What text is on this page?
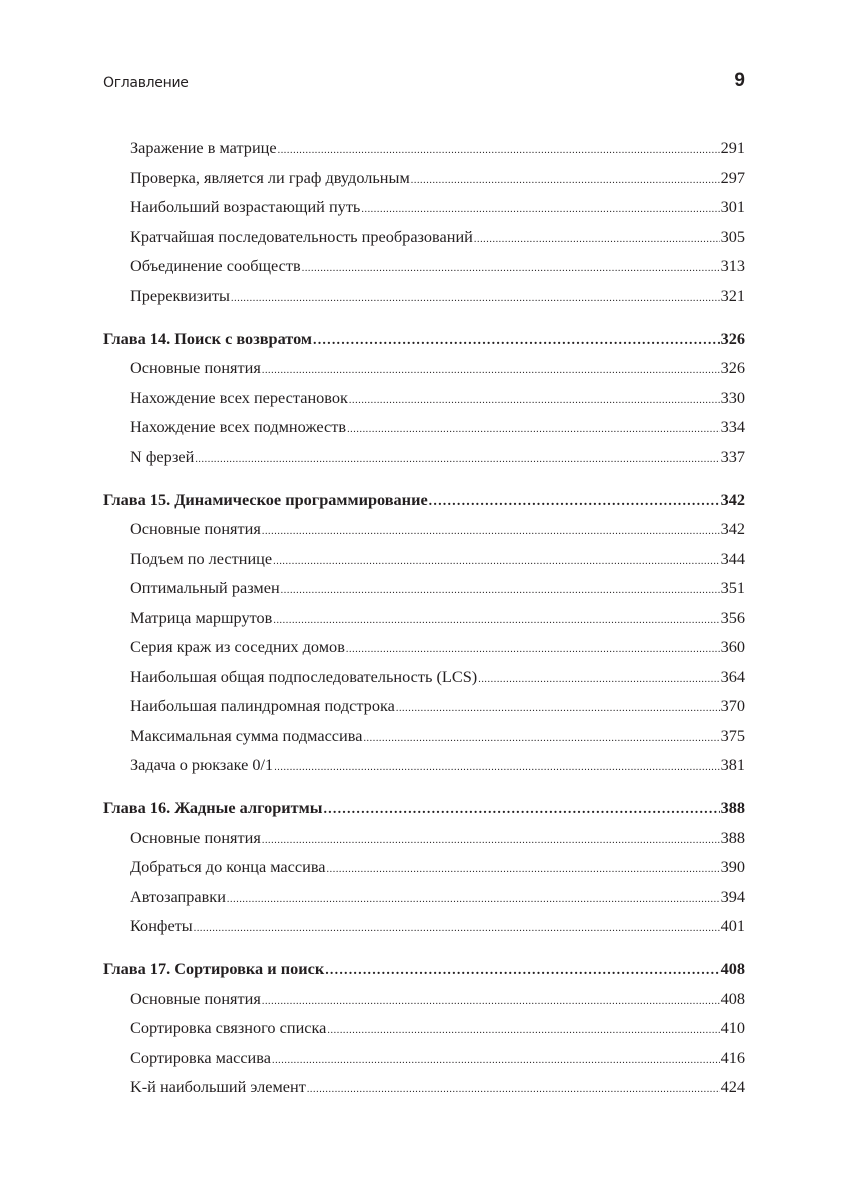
Оглавление	9
Заражение в матрице .....	291
Проверка, является ли граф двудольным .....	297
Наибольший возрастающий путь .....	301
Кратчайшая последовательность преобразований .....	305
Объединение сообществ .....	313
Пререквизиты .....	321
Глава 14. Поиск с возвратом .....	326
Основные понятия .....	326
Нахождение всех перестановок .....	330
Нахождение всех подмножеств .....	334
N ферзей .....	337
Глава 15. Динамическое программирование .....	342
Основные понятия .....	342
Подъем по лестнице .....	344
Оптимальный размен .....	351
Матрица маршрутов .....	356
Серия краж из соседних домов .....	360
Наибольшая общая подпоследовательность (LCS) .....	364
Наибольшая палиндромная подстрока .....	370
Максимальная сумма подмассива .....	375
Задача о рюкзаке 0/1 .....	381
Глава 16. Жадные алгоритмы .....	388
Основные понятия .....	388
Добраться до конца массива .....	390
Автозаправки .....	394
Конфеты .....	401
Глава 17. Сортировка и поиск .....	408
Основные понятия .....	408
Сортировка связного списка .....	410
Сортировка массива .....	416
K-й наибольший элемент .....	424
